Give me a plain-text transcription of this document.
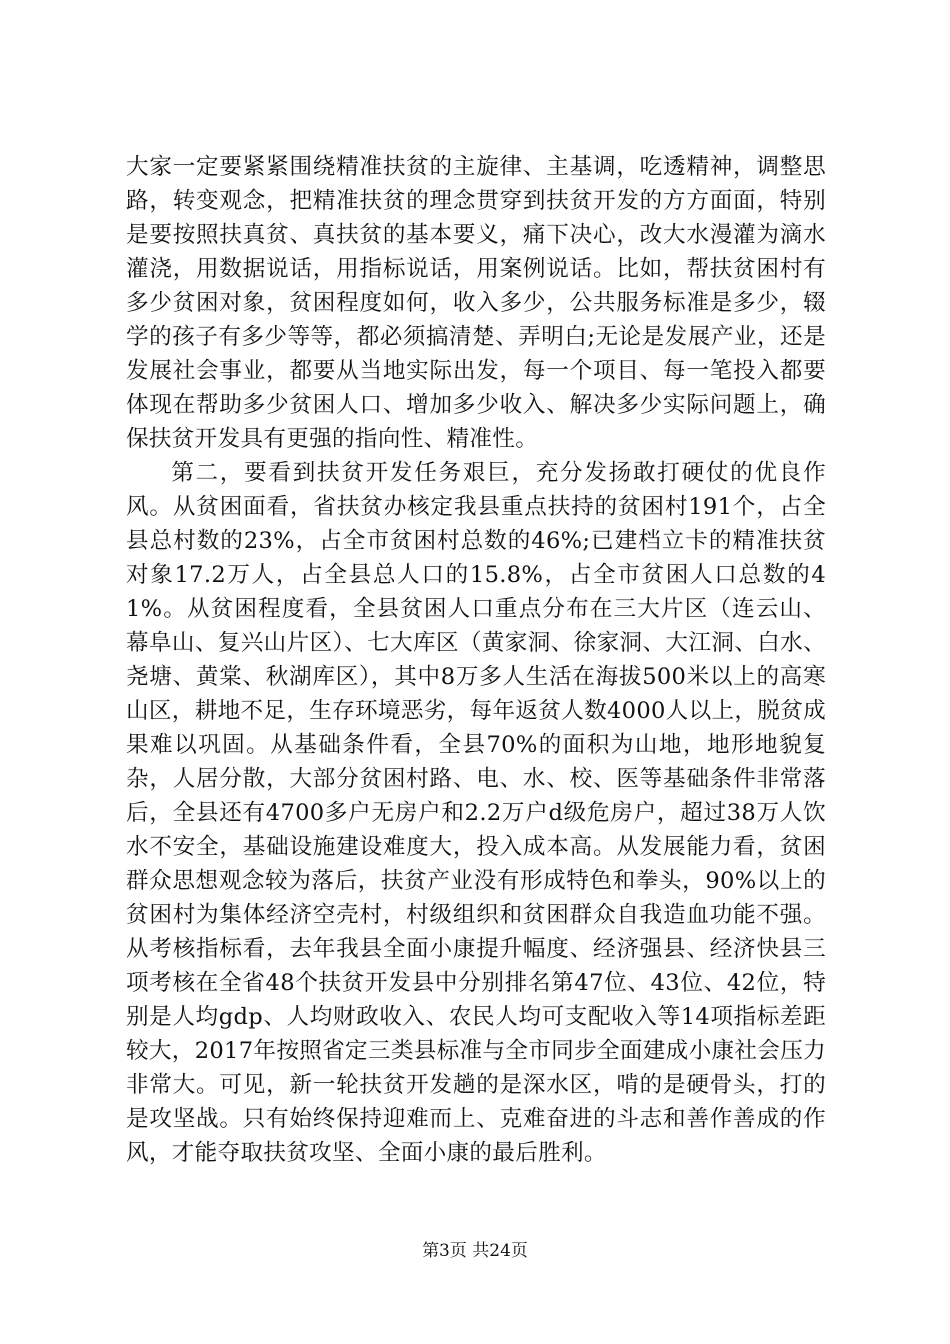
大家一定要紧紧围绕精准扶贫的主旋律、主基调，吃透精神，调整思路，转变观念，把精准扶贫的理念贯穿到扶贫开发的方方面面，特别是要按照扶真贫、真扶贫的基本要义，痛下决心，改大水漫灌为滴水灌浇，用数据说话，用指标说话，用案例说话。比如，帮扶贫困村有多少贫困对象，贫困程度如何，收入多少，公共服务标准是多少，辍学的孩子有多少等等，都必须搞清楚、弄明白;无论是发展产业，还是发展社会事业，都要从当地实际出发，每一个项目、每一笔投入都要体现在帮助多少贫困人口、增加多少收入、解决多少实际问题上，确保扶贫开发具有更强的指向性、精准性。

第二，要看到扶贫开发任务艰巨，充分发扬敢打硬仗的优良作风。从贫困面看，省扶贫办核定我县重点扶持的贫困村191个，占全县总村数的23%，占全市贫困村总数的46%;已建档立卡的精准扶贫对象17.2万人，占全县总人口的15.8%，占全市贫困人口总数的41%。从贫困程度看，全县贫困人口重点分布在三大片区（连云山、幕阜山、复兴山片区）、七大库区（黄家洞、徐家洞、大江洞、白水、尧塘、黄棠、秋湖库区），其中8万多人生活在海拔500米以上的高寒山区，耕地不足，生存环境恶劣，每年返贫人数4000人以上，脱贫成果难以巩固。从基础条件看，全县70%的面积为山地，地形地貌复杂，人居分散，大部分贫困村路、电、水、校、医等基础条件非常落后，全县还有4700多户无房户和2.2万户d级危房户，超过38万人饮水不安全，基础设施建设难度大，投入成本高。从发展能力看，贫困群众思想观念较为落后，扶贫产业没有形成特色和拳头，90%以上的贫困村为集体经济空壳村，村级组织和贫困群众自我造血功能不强。从考核指标看，去年我县全面小康提升幅度、经济强县、经济快县三项考核在全省48个扶贫开发县中分别排名第47位、43位、42位，特别是人均gdp、人均财政收入、农民人均可支配收入等14项指标差距较大，2017年按照省定三类县标准与全市同步全面建成小康社会压力非常大。可见，新一轮扶贫开发趟的是深水区，啃的是硬骨头，打的是攻坚战。只有始终保持迎难而上、克难奋进的斗志和善作善成的作风，才能夺取扶贫攻坚、全面小康的最后胜利。

第3页 共24页
